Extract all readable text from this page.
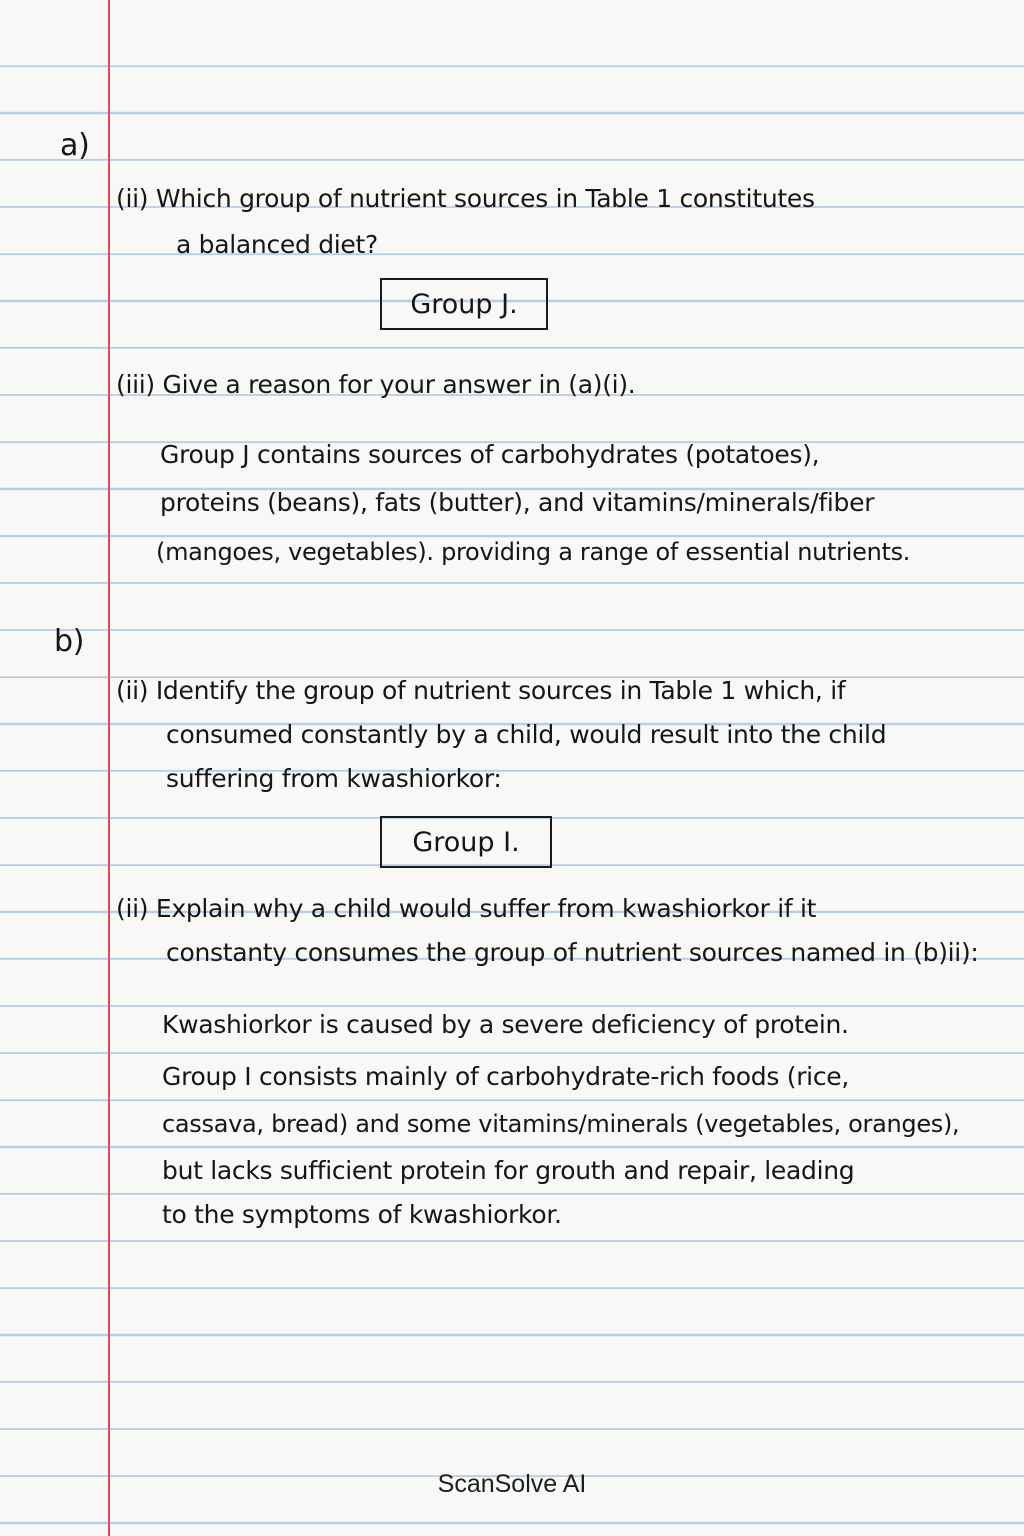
a)
(ii) Which group of nutrient sources in Table 1 constitutes
a balanced diet?
Group J.
(iii) Give a reason for your answer in (a)(i).
Group J contains sources of carbohydrates (potatoes),
proteins (beans), fats (butter), and vitamins/minerals/fiber
(mangoes, vegetables). providing a range of essential nutrients.
b)
(ii) Identify the group of nutrient sources in Table 1 which, if
consumed constantly by a child, would result into the child
suffering from kwashiorkor:
Group I.
(ii) Explain why a child would suffer from kwashiorkor if it
constanty consumes the group of nutrient sources named in (b)ii):
Kwashiorkor is caused by a severe deficiency of protein.
Group I consists mainly of carbohydrate-rich foods (rice,
cassava, bread) and some vitamins/minerals (vegetables, oranges),
but lacks sufficient protein for grouth and repair, leading
to the symptoms of kwashiorkor.
ScanSolve AI
